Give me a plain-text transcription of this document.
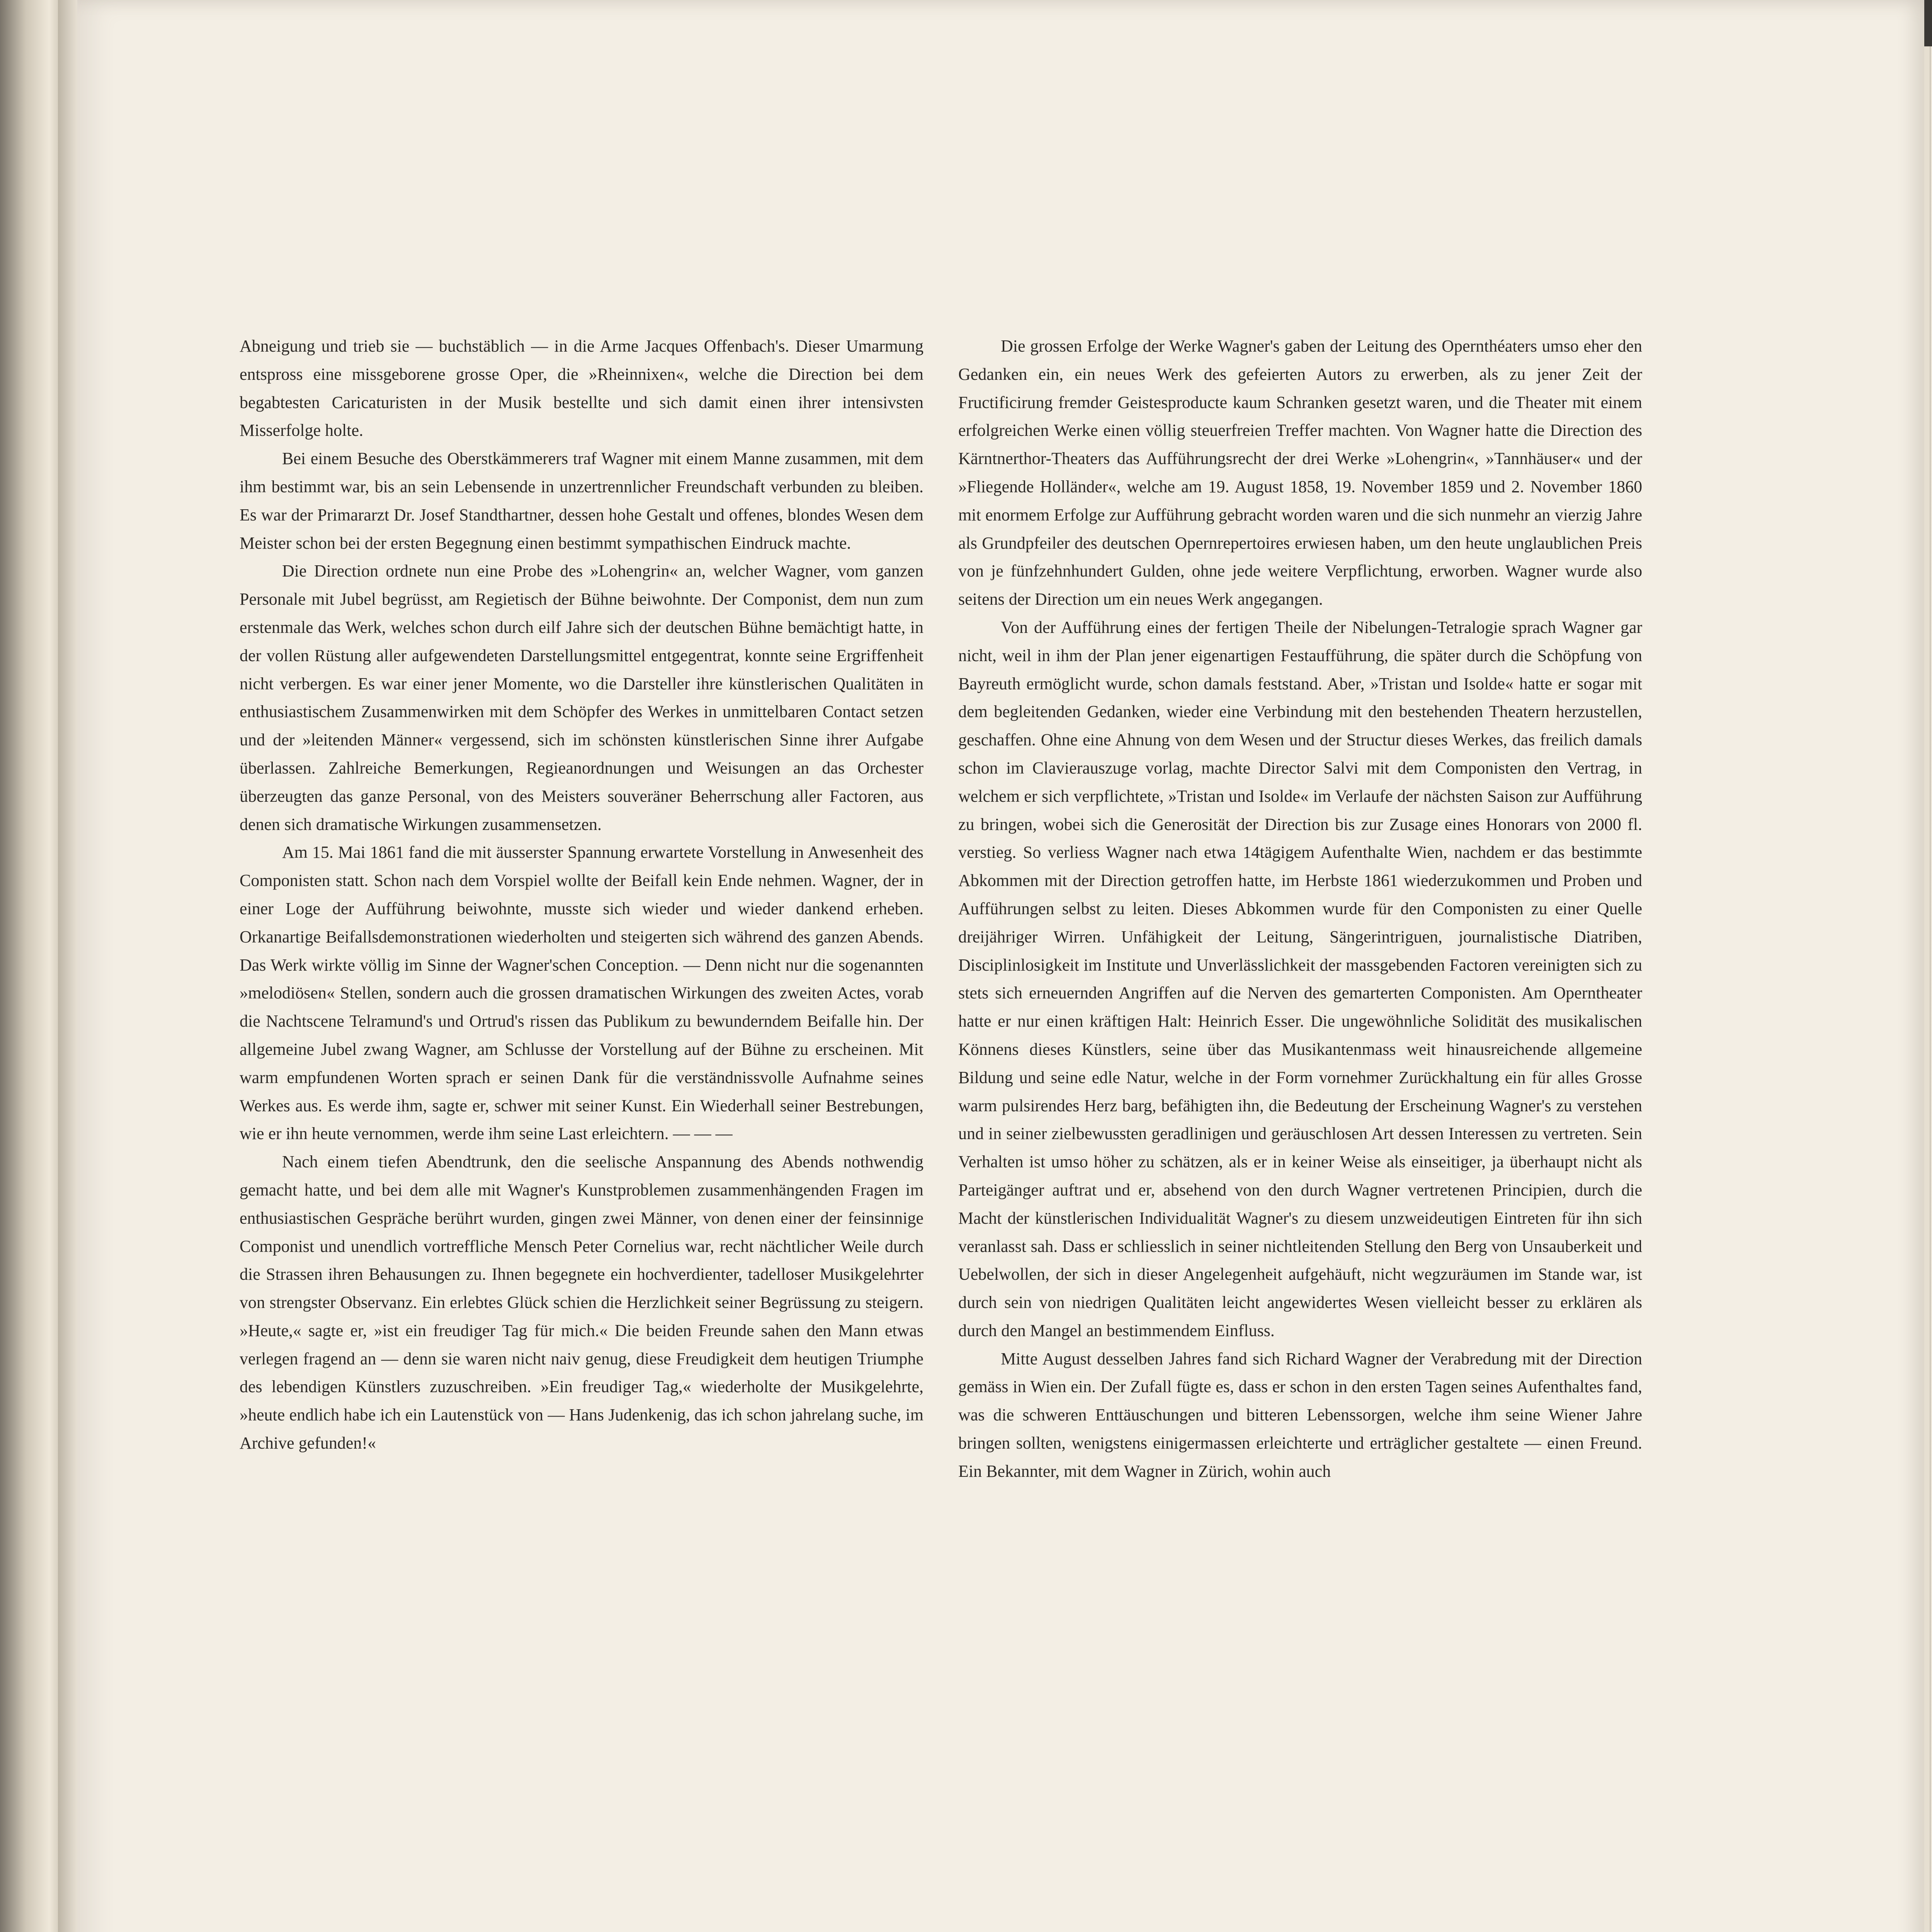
Abneigung und trieb sie — buchstäblich — in die Arme Jacques Offenbach's. Dieser Umarmung entspross eine missgeborene grosse Oper, die »Rheinnixen«, welche die Direction bei dem begabtesten Caricaturisten in der Musik bestellte und sich damit einen ihrer intensivsten Misserfolge holte.

Bei einem Besuche des Oberstkämmerers traf Wagner mit einem Manne zusammen, mit dem ihm bestimmt war, bis an sein Lebensende in unzertrennlicher Freundschaft verbunden zu bleiben. Es war der Primararzt Dr. Josef Standthartner, dessen hohe Gestalt und offenes, blondes Wesen dem Meister schon bei der ersten Begegnung einen bestimmt sympathischen Eindruck machte.

Die Direction ordnete nun eine Probe des »Lohengrin« an, welcher Wagner, vom ganzen Personale mit Jubel begrüsst, am Regietisch der Bühne beiwohnte. Der Componist, dem nun zum erstenmale das Werk, welches schon durch eilf Jahre sich der deutschen Bühne bemächtigt hatte, in der vollen Rüstung aller aufgewendeten Darstellungsmittel entgegentrat, konnte seine Ergriffenheit nicht verbergen. Es war einer jener Momente, wo die Darsteller ihre künstlerischen Qualitäten in enthusiastischem Zusammenwirken mit dem Schöpfer des Werkes in unmittelbaren Contact setzen und der »leitenden Männer« vergessend, sich im schönsten künstlerischen Sinne ihrer Aufgabe überlassen. Zahlreiche Bemerkungen, Regieanordnungen und Weisungen an das Orchester überzeugten das ganze Personal, von des Meisters souveräner Beherrschung aller Factoren, aus denen sich dramatische Wirkungen zusammensetzen.

Am 15. Mai 1861 fand die mit äusserster Spannung erwartete Vorstellung in Anwesenheit des Componisten statt. Schon nach dem Vorspiel wollte der Beifall kein Ende nehmen. Wagner, der in einer Loge der Aufführung beiwohnte, musste sich wieder und wieder dankend erheben. Orkanartige Beifallsdemonstrationen wiederholten und steigerten sich während des ganzen Abends. Das Werk wirkte völlig im Sinne der Wagner'schen Conception. — Denn nicht nur die sogenannten »melodiösen« Stellen, sondern auch die grossen dramatischen Wirkungen des zweiten Actes, vorab die Nachtscene Telramund's und Ortrud's rissen das Publikum zu bewunderndem Beifalle hin. Der allgemeine Jubel zwang Wagner, am Schlusse der Vorstellung auf der Bühne zu erscheinen. Mit warm empfundenen Worten sprach er seinen Dank für die verständnissvolle Aufnahme seines Werkes aus. Es werde ihm, sagte er, schwer mit seiner Kunst. Ein Wiederhall seiner Bestrebungen, wie er ihn heute vernommen, werde ihm seine Last erleichtern. — — —

Nach einem tiefen Abendtrunk, den die seelische Anspannung des Abends nothwendig gemacht hatte, und bei dem alle mit Wagner's Kunstproblemen zusammenhängenden Fragen im enthusiastischen Gespräche berührt wurden, gingen zwei Männer, von denen einer der feinsinnige Componist und unendlich vortreffliche Mensch Peter Cornelius war, recht nächtlicher Weile durch die Strassen ihren Behausungen zu. Ihnen begegnete ein hochverdienter, tadelloser Musikgelehrter von strengster Observanz. Ein erlebtes Glück schien die Herzlichkeit seiner Begrüssung zu steigern. »Heute,« sagte er, »ist ein freudiger Tag für mich.« Die beiden Freunde sahen den Mann etwas verlegen fragend an — denn sie waren nicht naiv genug, diese Freudigkeit dem heutigen Triumphe des lebendigen Künstlers zuzuschreiben. »Ein freudiger Tag,« wiederholte der Musikgelehrte, »heute endlich habe ich ein Lautenstück von — Hans Judenkenig, das ich schon jahrelang suche, im Archive gefunden!«

Die grossen Erfolge der Werke Wagner's gaben der Leitung des Opernthéaters umso eher den Gedanken ein, ein neues Werk des gefeierten Autors zu erwerben, als zu jener Zeit der Fructificirung fremder Geistesproducte kaum Schranken gesetzt waren, und die Theater mit einem erfolgreichen Werke einen völlig steuerfreien Treffer machten. Von Wagner hatte die Direction des Kärntnerthor-Theaters das Aufführungsrecht der drei Werke »Lohengrin«, »Tannhäuser« und der »Fliegende Holländer«, welche am 19. August 1858, 19. November 1859 und 2. November 1860 mit enormem Erfolge zur Aufführung gebracht worden waren und die sich nunmehr an vierzig Jahre als Grundpfeiler des deutschen Opernrepertoires erwiesen haben, um den heute unglaublichen Preis von je fünfzehnhundert Gulden, ohne jede weitere Verpflichtung, erworben. Wagner wurde also seitens der Direction um ein neues Werk angegangen.

Von der Aufführung eines der fertigen Theile der Nibelungen-Tetralogie sprach Wagner gar nicht, weil in ihm der Plan jener eigenartigen Festaufführung, die später durch die Schöpfung von Bayreuth ermöglicht wurde, schon damals feststand. Aber, »Tristan und Isolde« hatte er sogar mit dem begleitenden Gedanken, wieder eine Verbindung mit den bestehenden Theatern herzustellen, geschaffen. Ohne eine Ahnung von dem Wesen und der Structur dieses Werkes, das freilich damals schon im Clavierauszuge vorlag, machte Director Salvi mit dem Componisten den Vertrag, in welchem er sich verpflichtete, »Tristan und Isolde« im Verlaufe der nächsten Saison zur Aufführung zu bringen, wobei sich die Generosität der Direction bis zur Zusage eines Honorars von 2000 fl. verstieg. So verliess Wagner nach etwa 14tägigem Aufenthalte Wien, nachdem er das bestimmte Abkommen mit der Direction getroffen hatte, im Herbste 1861 wiederzukommen und Proben und Aufführungen selbst zu leiten. Dieses Abkommen wurde für den Componisten zu einer Quelle dreijähriger Wirren. Unfähigkeit der Leitung, Sängerintriguen, journalistische Diatriben, Disciplinlosigkeit im Institute und Unverlässlichkeit der massgebenden Factoren vereinigten sich zu stets sich erneuernden Angriffen auf die Nerven des gemarterten Componisten. Am Operntheater hatte er nur einen kräftigen Halt: Heinrich Esser. Die ungewöhnliche Solidität des musikalischen Könnens dieses Künstlers, seine über das Musikantenmass weit hinausreichende allgemeine Bildung und seine edle Natur, welche in der Form vornehmer Zurückhaltung ein für alles Grosse warm pulsirendes Herz barg, befähigten ihn, die Bedeutung der Erscheinung Wagner's zu verstehen und in seiner zielbewussten geradlinigen und geräuschlosen Art dessen Interessen zu vertreten. Sein Verhalten ist umso höher zu schätzen, als er in keiner Weise als einseitiger, ja überhaupt nicht als Parteigänger auftrat und er, absehend von den durch Wagner vertretenen Principien, durch die Macht der künstlerischen Individualität Wagner's zu diesem unzweideutigen Eintreten für ihn sich veranlasst sah. Dass er schliesslich in seiner nichtleitenden Stellung den Berg von Unsauberkeit und Uebelwollen, der sich in dieser Angelegenheit aufgehäuft, nicht wegzuräumen im Stande war, ist durch sein von niedrigen Qualitäten leicht angewidertes Wesen vielleicht besser zu erklären als durch den Mangel an bestimmendem Einfluss.

Mitte August desselben Jahres fand sich Richard Wagner der Verabredung mit der Direction gemäss in Wien ein. Der Zufall fügte es, dass er schon in den ersten Tagen seines Aufenthaltes fand, was die schweren Enttäuschungen und bitteren Lebenssorgen, welche ihm seine Wiener Jahre bringen sollten, wenigstens einigermassen erleichterte und erträglicher gestaltete — einen Freund. Ein Bekannter, mit dem Wagner in Zürich, wohin auch
